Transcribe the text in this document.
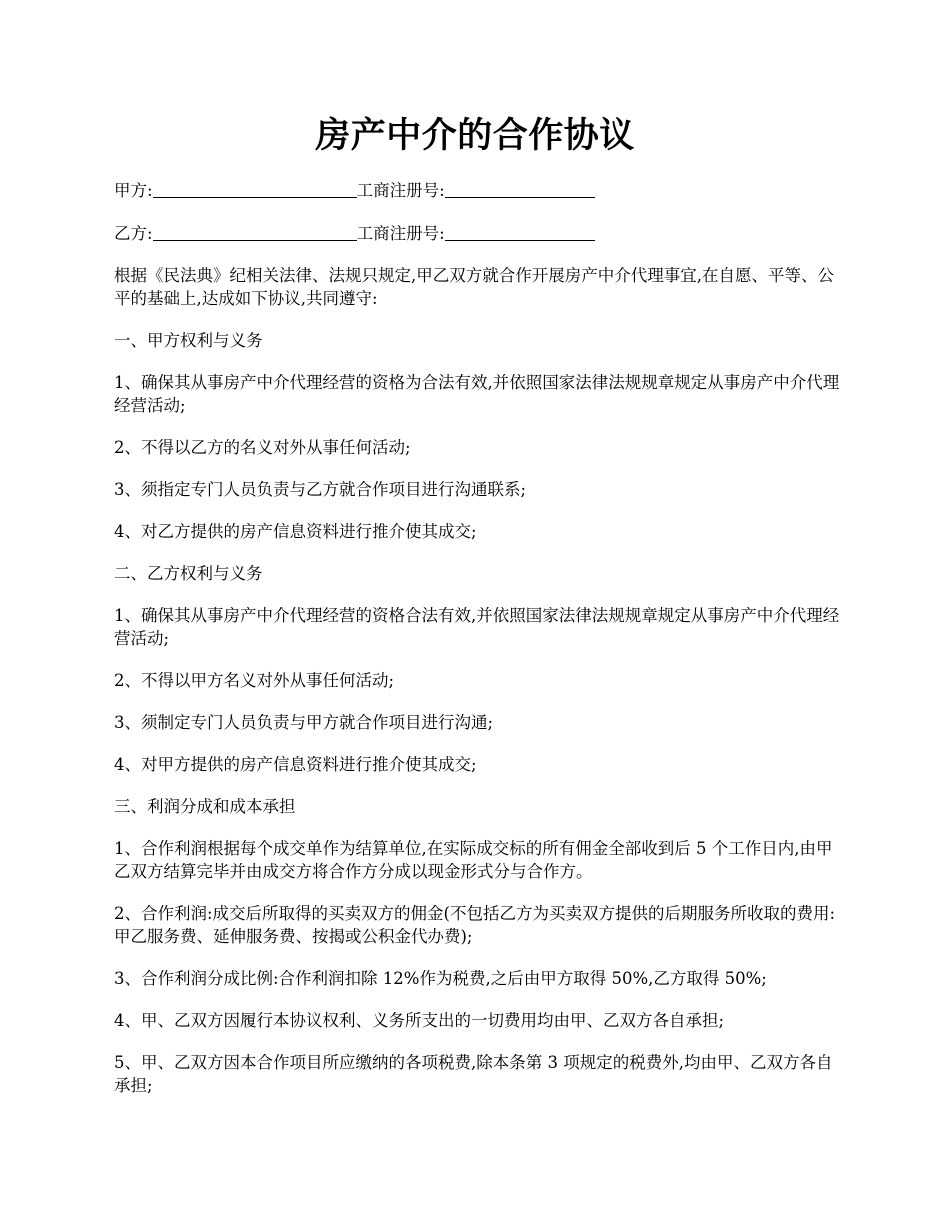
房产中介的合作协议

甲方:	工商注册号:

乙方:	工商注册号:

根据《民法典》纪相关法律、法规只规定,甲乙双方就合作开展房产中介代理事宜,在自愿、平等、公平的基础上,达成如下协议,共同遵守:

一、甲方权利与义务

1、确保其从事房产中介代理经营的资格为合法有效,并依照国家法律法规规章规定从事房产中介代理经营活动;

2、不得以乙方的名义对外从事任何活动;

3、须指定专门人员负责与乙方就合作项目进行沟通联系;

4、对乙方提供的房产信息资料进行推介使其成交;

二、乙方权利与义务

1、确保其从事房产中介代理经营的资格合法有效,并依照国家法律法规规章规定从事房产中介代理经营活动;

2、不得以甲方名义对外从事任何活动;

3、须制定专门人员负责与甲方就合作项目进行沟通;

4、对甲方提供的房产信息资料进行推介使其成交;

三、利润分成和成本承担

1、合作利润根据每个成交单作为结算单位,在实际成交标的所有佣金全部收到后 5 个工作日内,由甲乙双方结算完毕并由成交方将合作方分成以现金形式分与合作方。

2、合作利润:成交后所取得的买卖双方的佣金(不包括乙方为买卖双方提供的后期服务所收取的费用:甲乙服务费、延伸服务费、按揭或公积金代办费);

3、合作利润分成比例:合作利润扣除 12%作为税费,之后由甲方取得 50%,乙方取得 50%;

4、甲、乙双方因履行本协议权利、义务所支出的一切费用均由甲、乙双方各自承担;

5、甲、乙双方因本合作项目所应缴纳的各项税费,除本条第 3 项规定的税费外,均由甲、乙双方各自承担;
